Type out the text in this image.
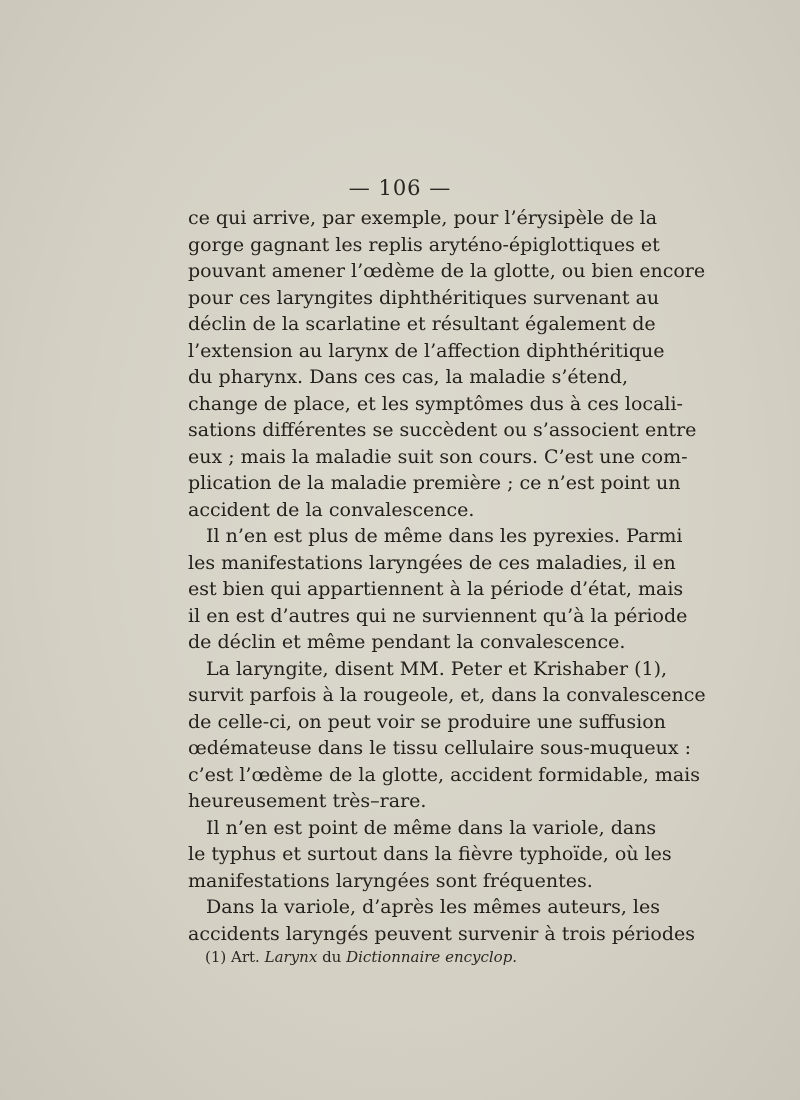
— 106 —
ce qui arrive, par exemple, pour l’érysipèle de la
gorge gagnant les replis aryténo-épiglottiques et
pouvant amener l’œdème de la glotte, ou bien encore
pour ces laryngites diphthéritiques survenant au
déclin de la scarlatine et résultant également de
l’extension au larynx de l’affection diphthéritique
du pharynx. Dans ces cas, la maladie s’étend,
change de place, et les symptômes dus à ces locali-
sations différentes se succèdent ou s’associent entre
eux ; mais la maladie suit son cours. C’est une com-
plication de la maladie première ; ce n’est point un
accident de la convalescence.
Il n’en est plus de même dans les pyrexies. Parmi
les manifestations laryngées de ces maladies, il en
est bien qui appartiennent à la période d’état, mais
il en est d’autres qui ne surviennent qu’à la période
de déclin et même pendant la convalescence.
La laryngite, disent MM. Peter et Krishaber (1),
survit parfois à la rougeole, et, dans la convalescence
de celle-ci, on peut voir se produire une suffusion
œdémateuse dans le tissu cellulaire sous-muqueux :
c’est l’œdème de la glotte, accident formidable, mais
heureusement très–rare.
Il n’en est point de même dans la variole, dans
le typhus et surtout dans la fièvre typhoïde, où les
manifestations laryngées sont fréquentes.
Dans la variole, d’après les mêmes auteurs, les
accidents laryngés peuvent survenir à trois périodes
(1) Art. Larynx du Dictionnaire encyclop.
